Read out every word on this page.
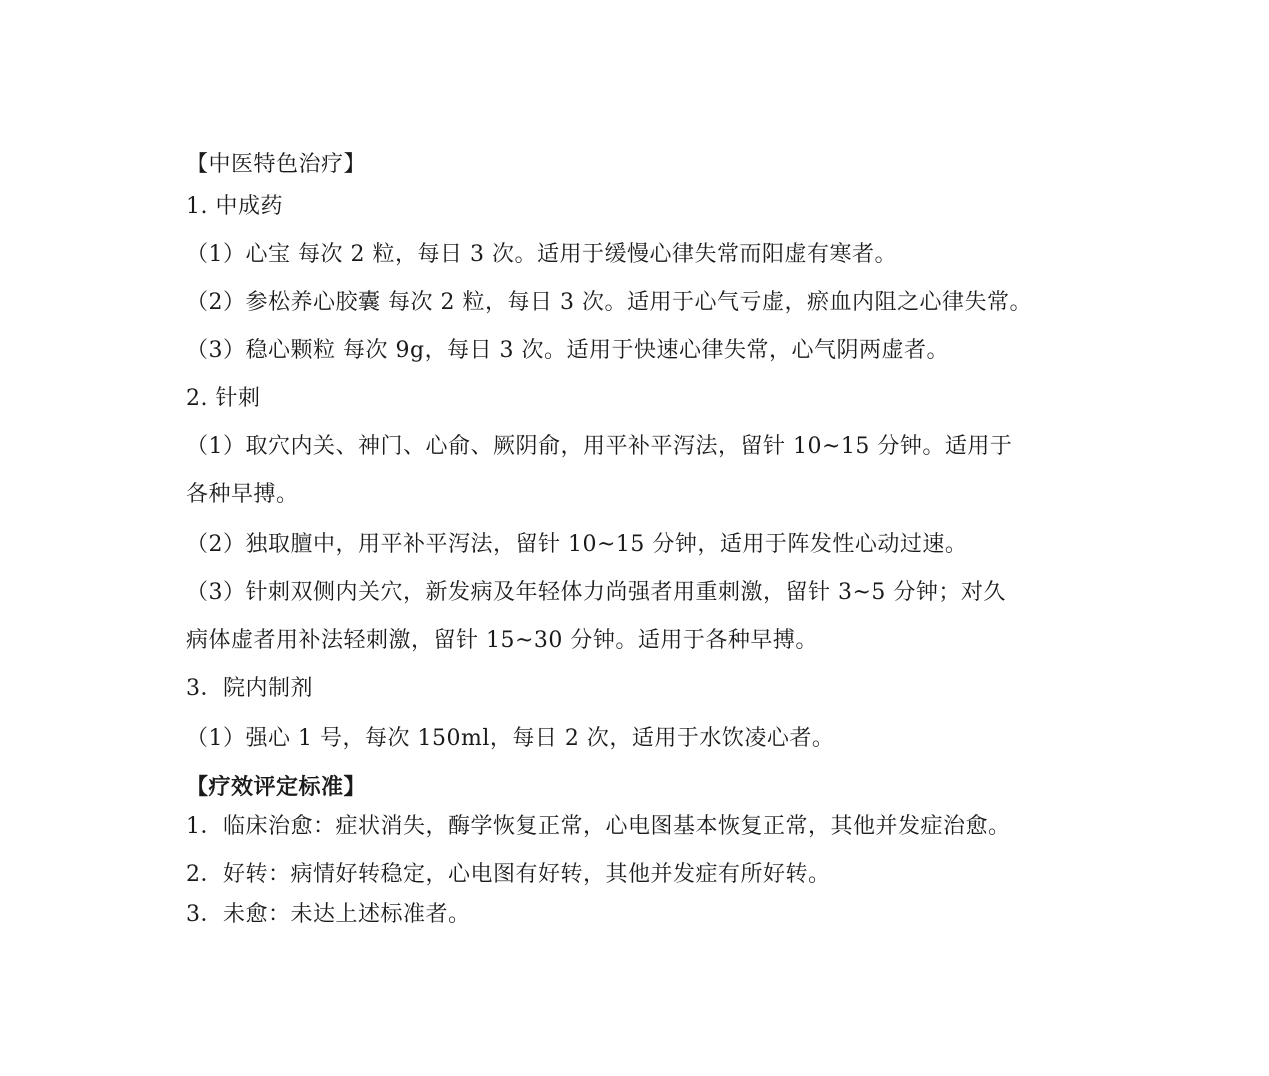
【中医特色治疗】
1. 中成药
（1）心宝 每次 2 粒，每日 3 次。适用于缓慢心律失常而阳虚有寒者。
（2）参松养心胶囊 每次 2 粒，每日 3 次。适用于心气亏虚，瘀血内阻之心律失常。
（3）稳心颗粒 每次 9g，每日 3 次。适用于快速心律失常，心气阴两虚者。
2. 针刺
（1）取穴内关、神门、心俞、厥阴俞，用平补平泻法，留针 10~15 分钟。适用于
各种早搏。
（2）独取膻中，用平补平泻法，留针 10~15 分钟，适用于阵发性心动过速。
（3）针刺双侧内关穴，新发病及年轻体力尚强者用重刺激，留针 3~5 分钟；对久
病体虚者用补法轻刺激，留针 15~30 分钟。适用于各种早搏。
3．院内制剂
（1）强心 1 号，每次 150ml，每日 2 次，适用于水饮凌心者。
【疗效评定标准】
1．临床治愈：症状消失，酶学恢复正常，心电图基本恢复正常，其他并发症治愈。
2．好转：病情好转稳定，心电图有好转，其他并发症有所好转。
3．未愈：未达上述标准者。
